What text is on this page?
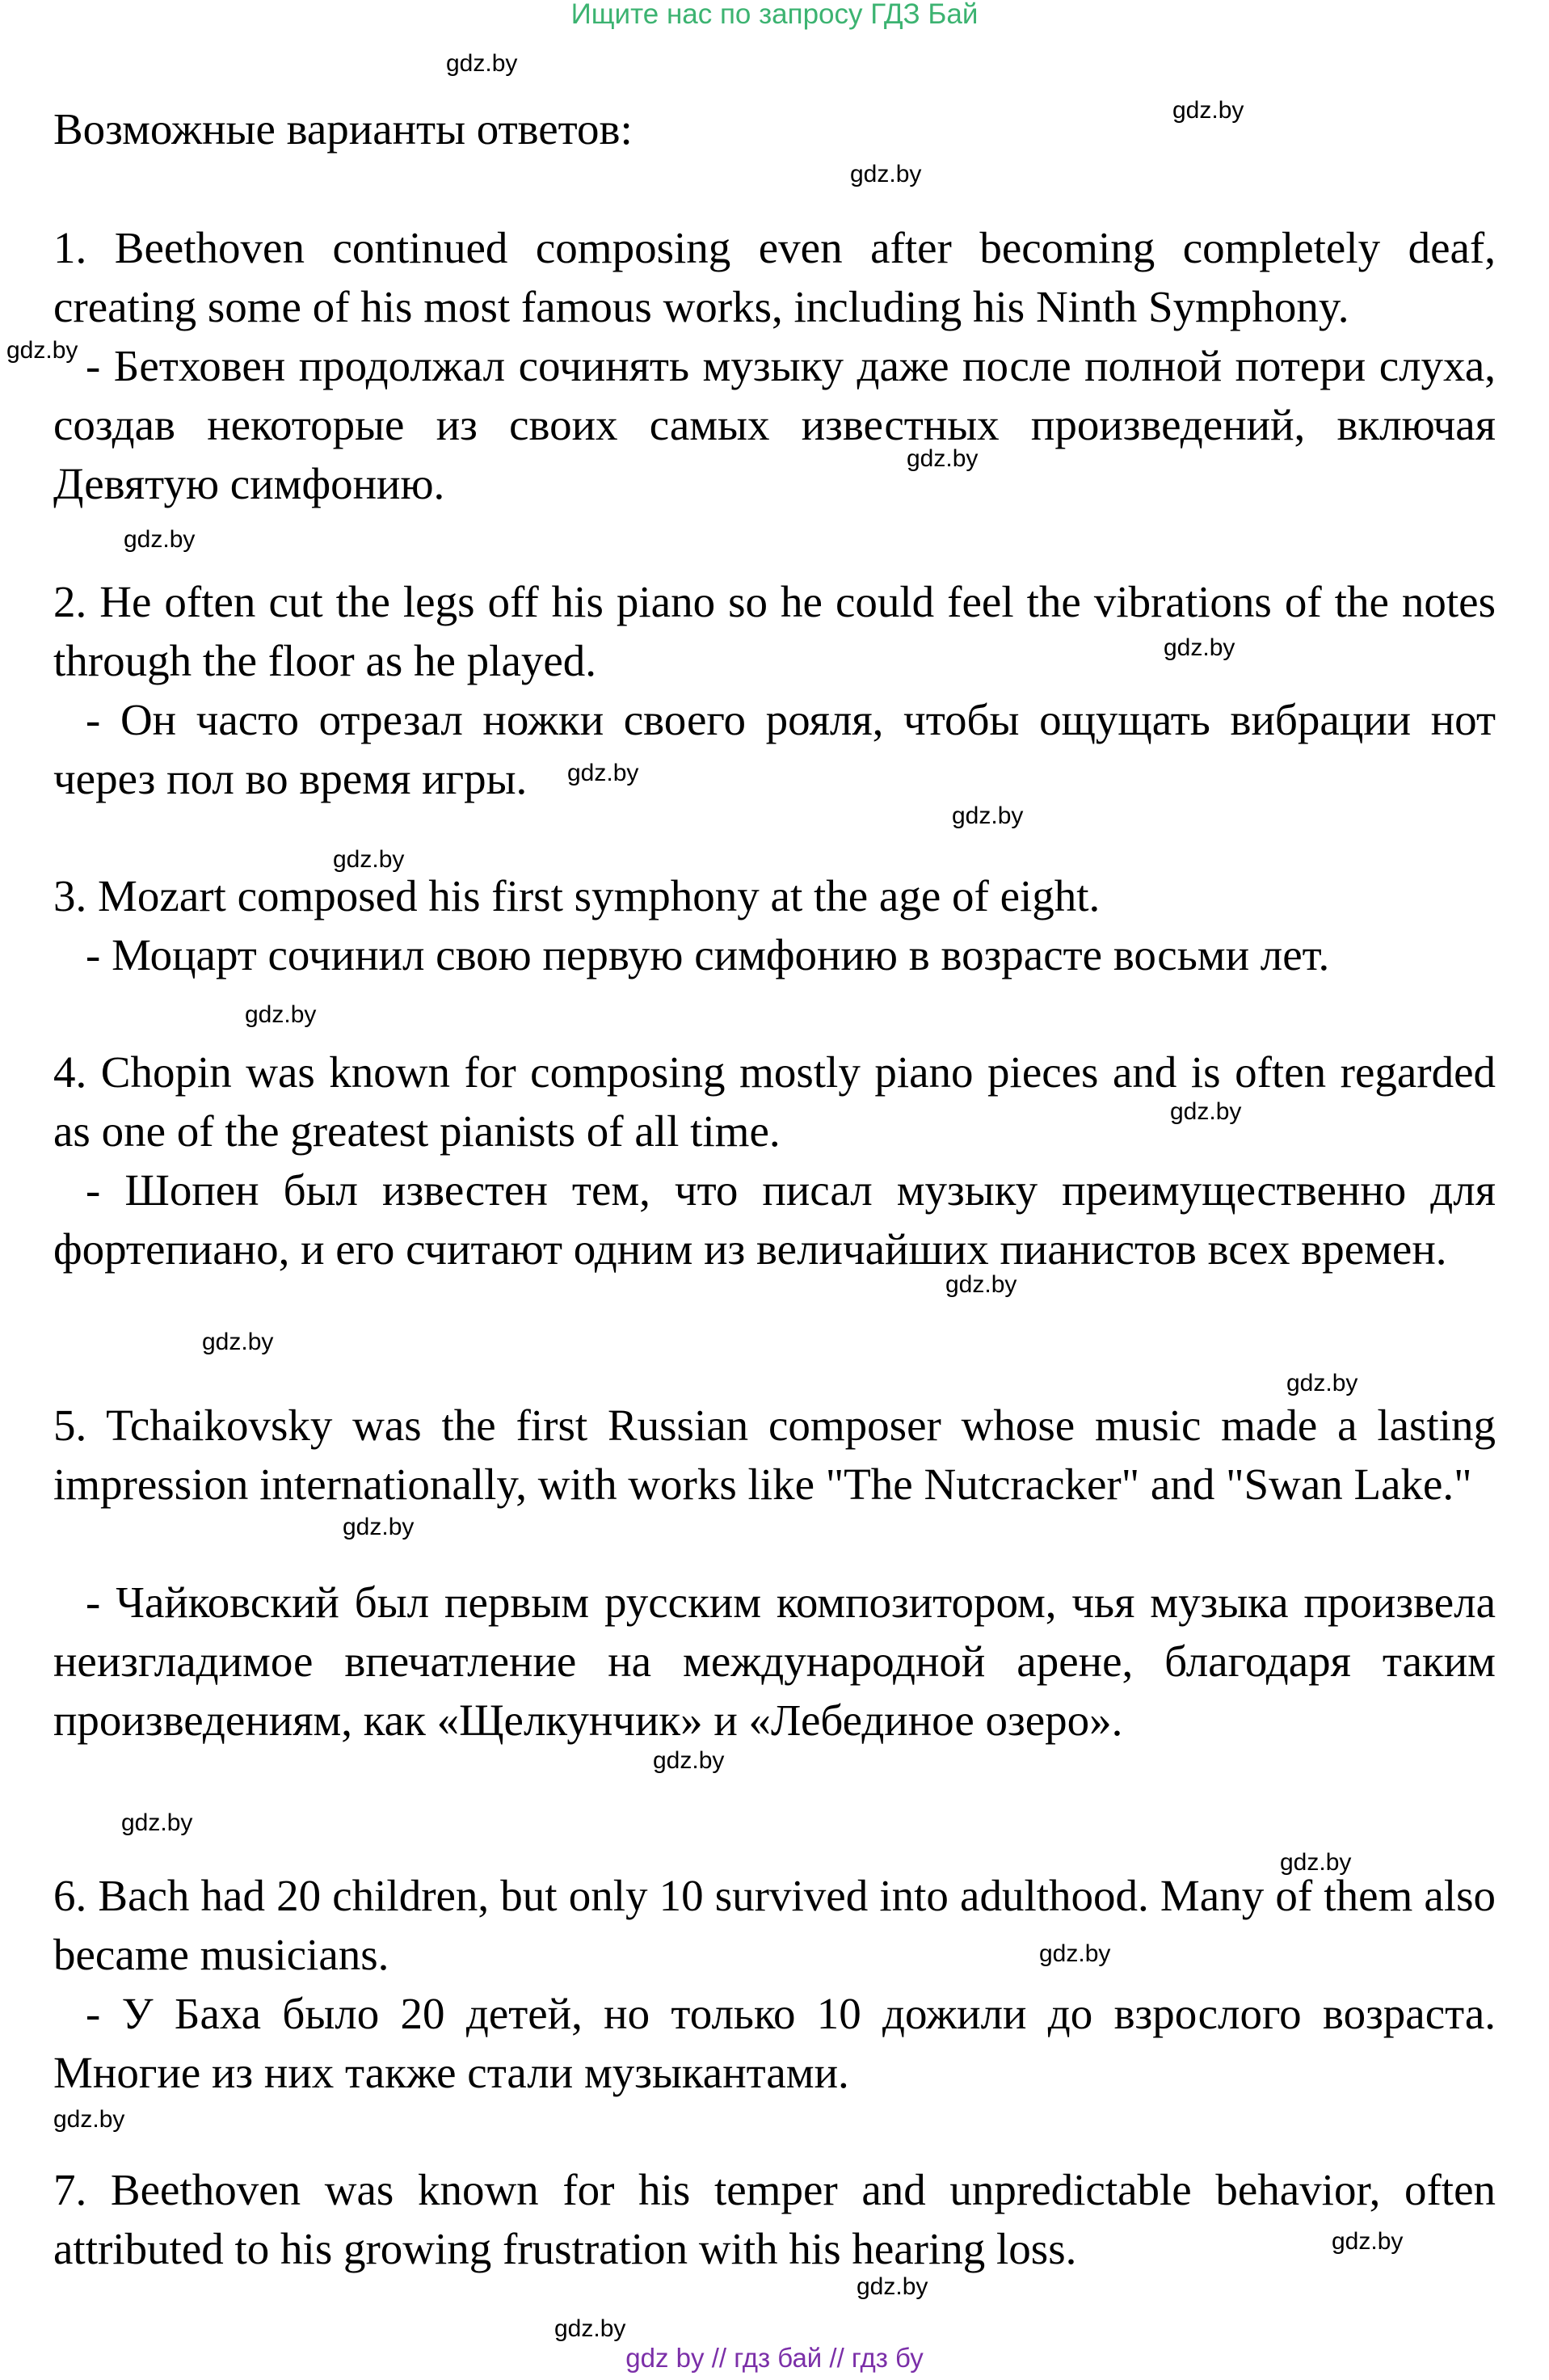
Ищите нас по запросу ГДЗ Бай
Возможные варианты ответов:
1. Beethoven continued composing even after becoming completely deaf, creating some of his most famous works, including his Ninth Symphony.
- Бетховен продолжал сочинять музыку даже после полной потери слуха, создав некоторые из своих самых известных произведений, включая Девятую симфонию.
2. He often cut the legs off his piano so he could feel the vibrations of the notes through the floor as he played.
- Он часто отрезал ножки своего рояля, чтобы ощущать вибрации нот через пол во время игры.
3. Mozart composed his first symphony at the age of eight.
- Моцарт сочинил свою первую симфонию в возрасте восьми лет.
4. Chopin was known for composing mostly piano pieces and is often regarded as one of the greatest pianists of all time.
- Шопен был известен тем, что писал музыку преимущественно для фортепиано, и его считают одним из величайших пианистов всех времен.
5. Tchaikovsky was the first Russian composer whose music made a lasting impression internationally, with works like "The Nutcracker" and "Swan Lake."
- Чайковский был первым русским композитором, чья музыка произвела неизгладимое впечатление на международной арене, благодаря таким произведениям, как «Щелкунчик» и «Лебединое озеро».
6. Bach had 20 children, but only 10 survived into adulthood. Many of them also became musicians.
- У Баха было 20 детей, но только 10 дожили до взрослого возраста. Многие из них также стали музыкантами.
7. Beethoven was known for his temper and unpredictable behavior, often attributed to his growing frustration with his hearing loss.
gdz.by
gdz.by
gdz.by
gdz.by
gdz.by
gdz.by
gdz.by
gdz.by
gdz.by
gdz.by
gdz.by
gdz.by
gdz.by
gdz.by
gdz.by
gdz.by
gdz.by
gdz.by
gdz.by
gdz.by
gdz.by
gdz.by
gdz.by
gdz.by
gdz by // гдз бай // гдз бу
